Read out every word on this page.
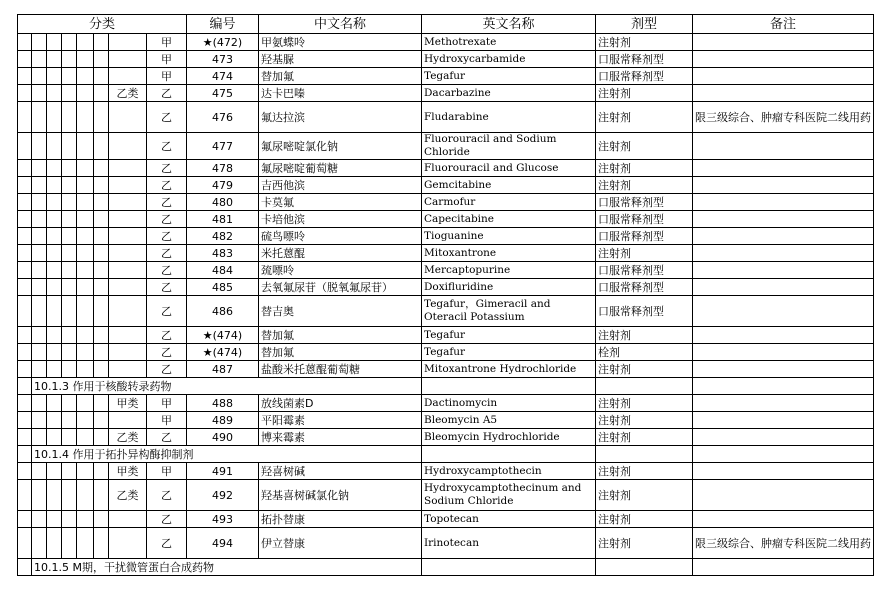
分类								编号	中文名称	英文名称	剂型	备注
							甲	★(472)	甲氨蝶呤	Methotrexate	注射剂	
							甲	473	羟基脲	Hydroxycarbamide	口服常释剂型	
							甲	474	替加氟	Tegafur	口服常释剂型	
						乙类	乙	475	达卡巴嗪	Dacarbazine	注射剂	
							乙	476	氟达拉滨	Fludarabine	注射剂	限三级综合、肿瘤专科医院二线用药
							乙	477	氟尿嘧啶氯化钠	Fluorouracil and Sodium Chloride	注射剂	
							乙	478	氟尿嘧啶葡萄糖	Fluorouracil and Glucose	注射剂	
							乙	479	吉西他滨	Gemcitabine	注射剂	
							乙	480	卡莫氟	Carmofur	口服常释剂型	
							乙	481	卡培他滨	Capecitabine	口服常释剂型	
							乙	482	硫鸟嘌呤	Tioguanine	口服常释剂型	
							乙	483	米托蒽醌	Mitoxantrone	注射剂	
							乙	484	巯嘌呤	Mercaptopurine	口服常释剂型	
							乙	485	去氧氟尿苷（脱氧氟尿苷）	Doxifluridine	口服常释剂型	
							乙	486	替吉奥	Tegafur，Gimeracil and Oteracil Potassium	口服常释剂型	
							乙	★(474)	替加氟	Tegafur	注射剂	
							乙	★(474)	替加氟	Tegafur	栓剂	
							乙	487	盐酸米托蒽醌葡萄糖	Mitoxantrone Hydrochloride	注射剂	
	10.1.3 作用于核酸转录药物											
						甲类	甲	488	放线菌素D	Dactinomycin	注射剂	
							甲	489	平阳霉素	Bleomycin A5	注射剂	
						乙类	乙	490	博来霉素	Bleomycin Hydrochloride	注射剂	
	10.1.4 作用于拓扑异构酶抑制剂											
						甲类	甲	491	羟喜树碱	Hydroxycamptothecin	注射剂	
						乙类	乙	492	羟基喜树碱氯化钠	Hydroxycamptothecinum and Sodium Chloride	注射剂	
							乙	493	拓扑替康	Topotecan	注射剂	
							乙	494	伊立替康	Irinotecan	注射剂	限三级综合、肿瘤专科医院二线用药
	10.1.5 M期，干扰微管蛋白合成药物											
